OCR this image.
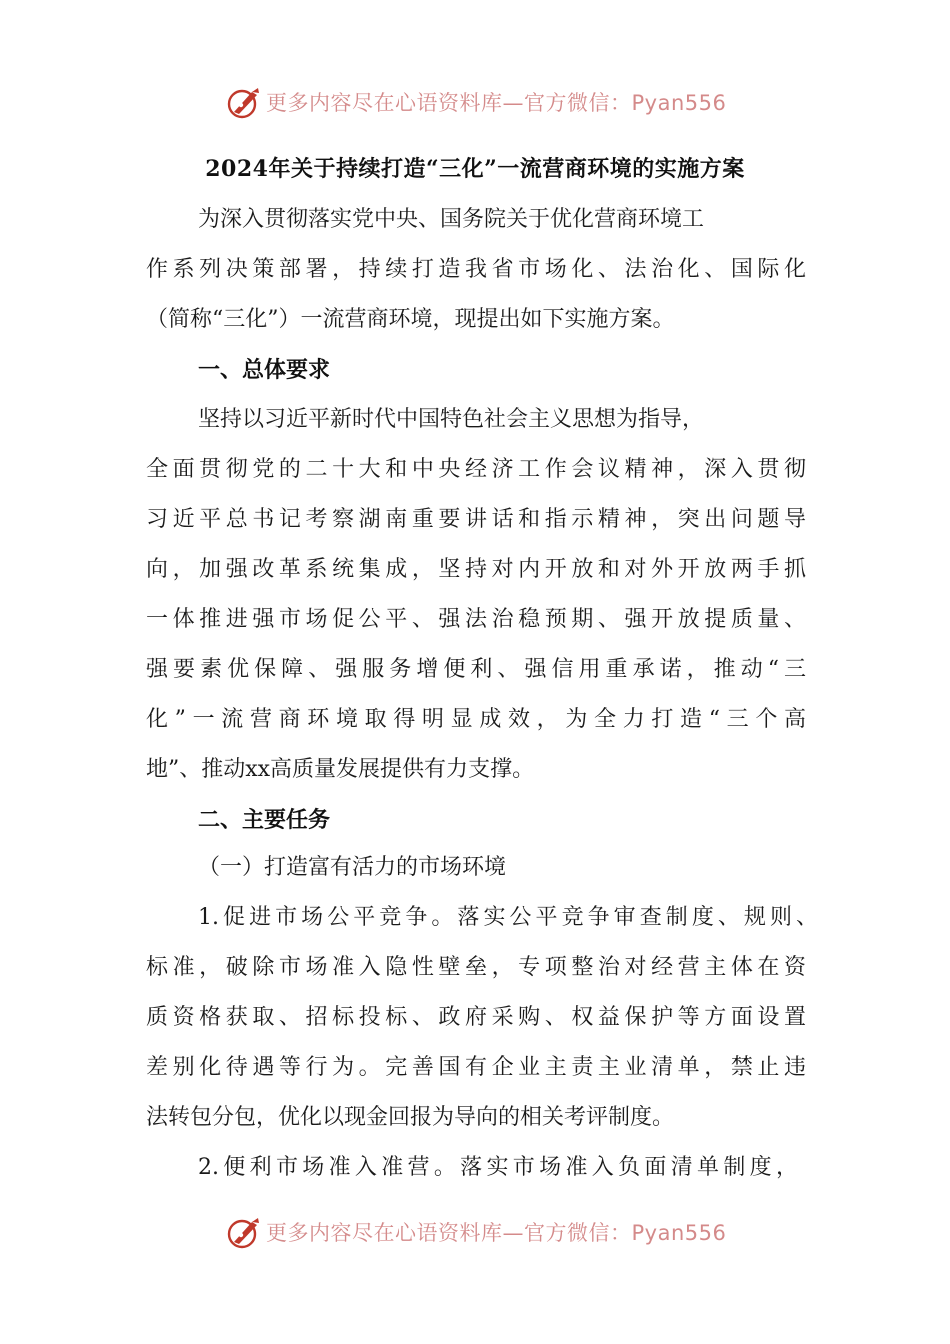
更多内容尽在心语资料库—官方微信：Pyan556
2024年关于持续打造“三化”一流营商环境的实施方案
为深入贯彻落实党中央、国务院关于优化营商环境工
作系列决策部署，持续打造我省市场化、法治化、国际化
（简称“三化”）一流营商环境，现提出如下实施方案。
一、总体要求
坚持以习近平新时代中国特色社会主义思想为指导，
全面贯彻党的二十大和中央经济工作会议精神，深入贯彻
习近平总书记考察湖南重要讲话和指示精神，突出问题导
向，加强改革系统集成，坚持对内开放和对外开放两手抓
一体推进强市场促公平、强法治稳预期、强开放提质量、
强要素优保障、强服务增便利、强信用重承诺，推动“三
化”一流营商环境取得明显成效，为全力打造“三个高
地”、推动xx高质量发展提供有力支撑。
二、主要任务
（一）打造富有活力的市场环境
1.促进市场公平竞争。落实公平竞争审查制度、规则、
标准，破除市场准入隐性壁垒，专项整治对经营主体在资
质资格获取、招标投标、政府采购、权益保护等方面设置
差别化待遇等行为。完善国有企业主责主业清单，禁止违
法转包分包，优化以现金回报为导向的相关考评制度。
2.便利市场准入准营。落实市场准入负面清单制度，
更多内容尽在心语资料库—官方微信：Pyan556
